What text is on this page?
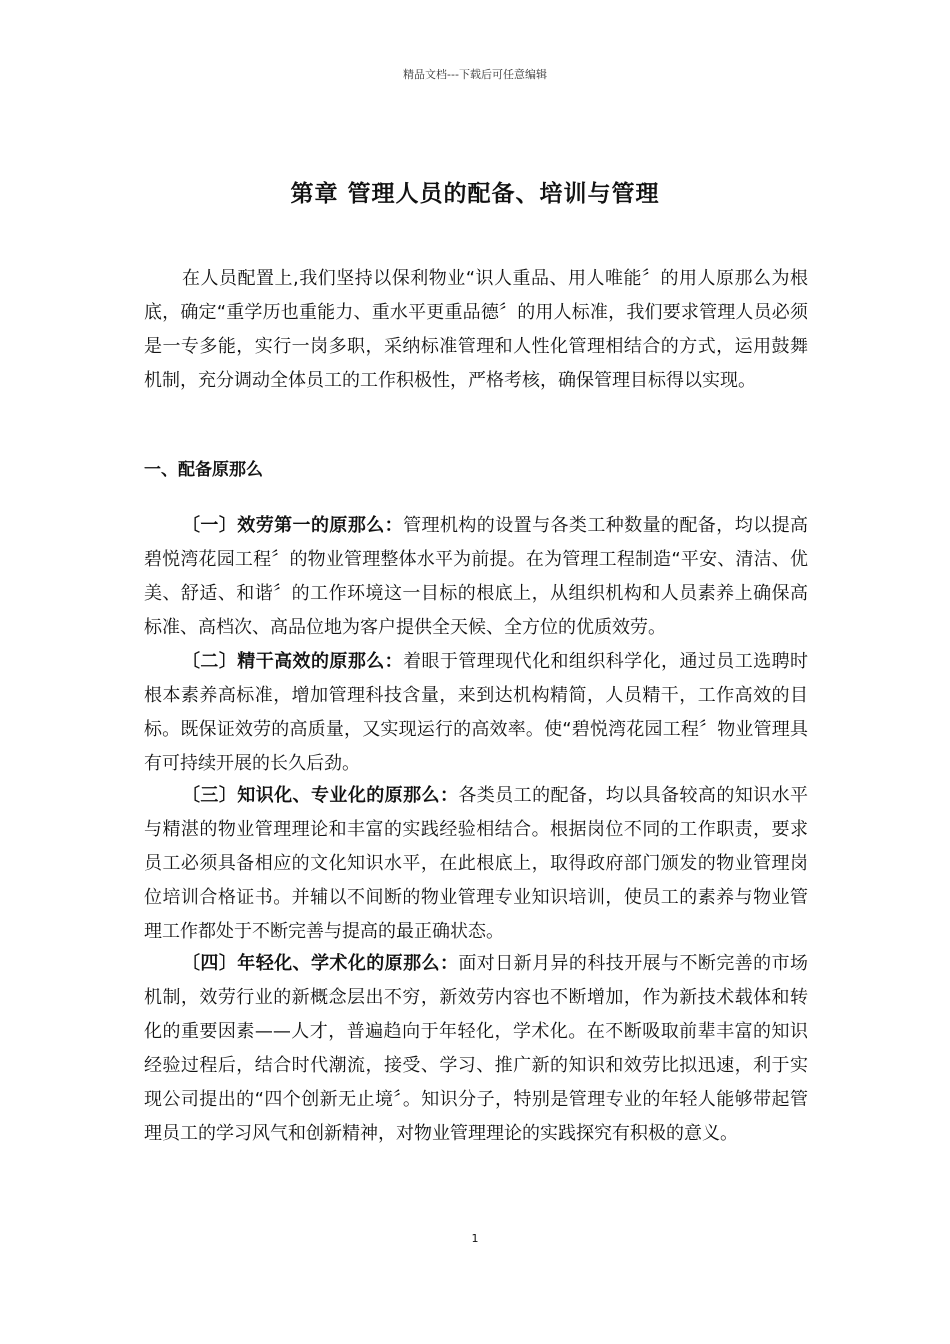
精品文档---下载后可任意编辑
第章 管理人员的配备、培训与管理

在人员配置上,我们坚持以保利物业“识人重品、用人唯能〞的用人原那么为根底，确定“重学历也重能力、重水平更重品德〞的用人标准，我们要求管理人员必须是一专多能，实行一岗多职，采纳标准管理和人性化管理相结合的方式，运用鼓舞机制，充分调动全体员工的工作积极性，严格考核，确保管理目标得以实现。

一、配备原那么

〔一〕效劳第一的原那么：管理机构的设置与各类工种数量的配备，均以提高碧悦湾花园工程〞的物业管理整体水平为前提。在为管理工程制造“平安、清洁、优美、舒适、和谐〞的工作环境这一目标的根底上，从组织机构和人员素养上确保高标准、高档次、高品位地为客户提供全天候、全方位的优质效劳。

〔二〕精干高效的原那么：着眼于管理现代化和组织科学化，通过员工选聘时根本素养高标准，增加管理科技含量，来到达机构精简，人员精干，工作高效的目标。既保证效劳的高质量，又实现运行的高效率。使“碧悦湾花园工程〞物业管理具有可持续开展的长久后劲。

〔三〕知识化、专业化的原那么：各类员工的配备，均以具备较高的知识水平与精湛的物业管理理论和丰富的实践经验相结合。根据岗位不同的工作职责，要求员工必须具备相应的文化知识水平，在此根底上，取得政府部门颁发的物业管理岗位培训合格证书。并辅以不间断的物业管理专业知识培训，使员工的素养与物业管理工作都处于不断完善与提高的最正确状态。

〔四〕年轻化、学术化的原那么：面对日新月异的科技开展与不断完善的市场机制，效劳行业的新概念层出不穷，新效劳内容也不断增加，作为新技术载体和转化的重要因素——人才，普遍趋向于年轻化，学术化。在不断吸取前辈丰富的知识经验过程后，结合时代潮流，接受、学习、推广新的知识和效劳比拟迅速，利于实现公司提出的“四个创新无止境〞。知识分子，特别是管理专业的年轻人能够带起管理员工的学习风气和创新精神，对物业管理理论的实践探究有积极的意义。

1
